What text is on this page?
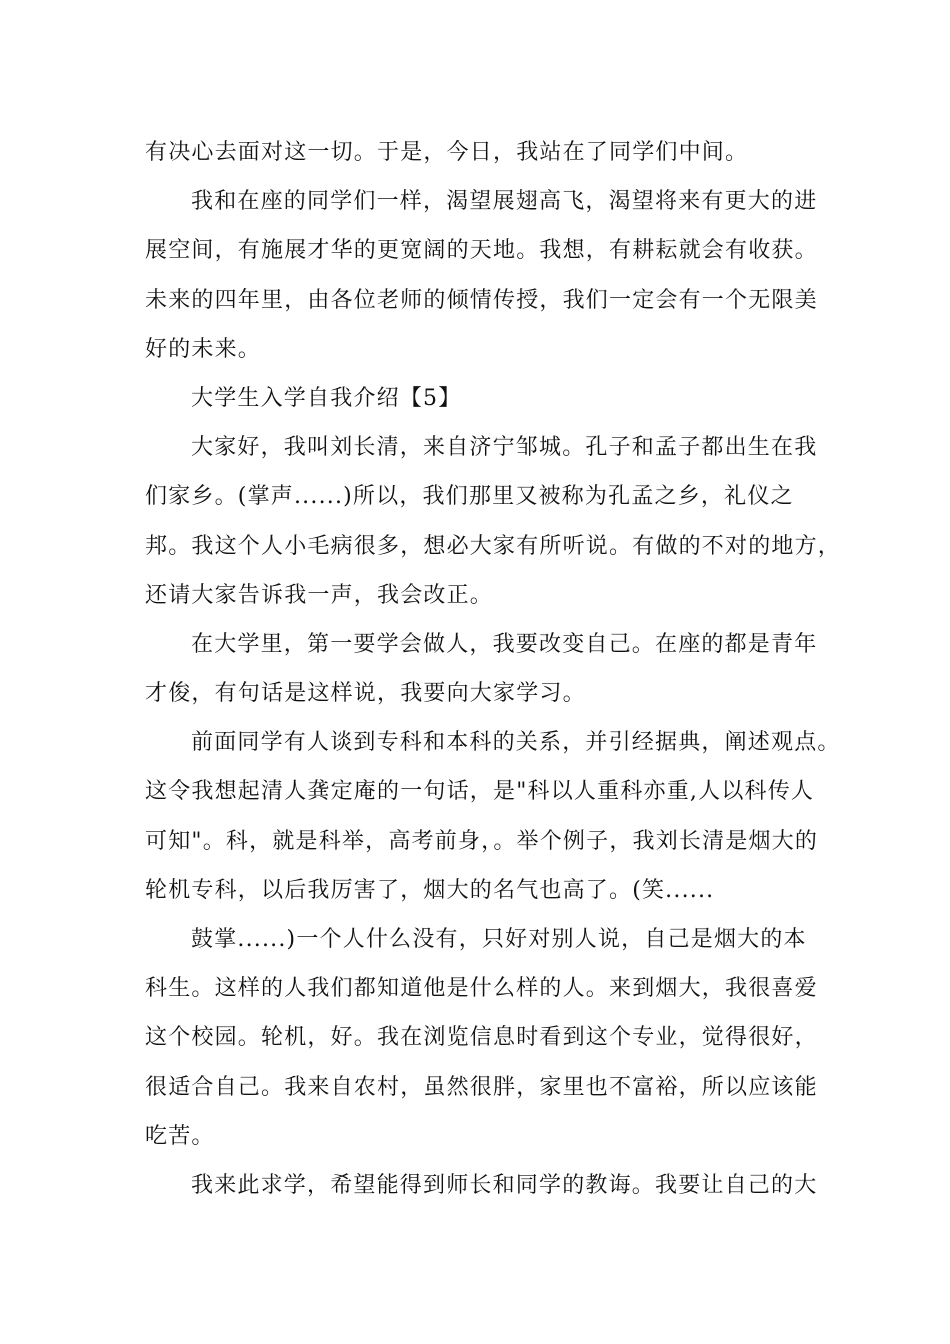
有决心去面对这一切。于是，今日，我站在了同学们中间。
我和在座的同学们一样，渴望展翅高飞，渴望将来有更大的进
展空间，有施展才华的更宽阔的天地。我想，有耕耘就会有收获。
未来的四年里，由各位老师的倾情传授，我们一定会有一个无限美
好的未来。
大学生入学自我介绍【5】
大家好，我叫刘长清，来自济宁邹城。孔子和孟子都出生在我
们家乡。(掌声......)所以，我们那里又被称为孔孟之乡，礼仪之
邦。我这个人小毛病很多，想必大家有所听说。有做的不对的地方，
还请大家告诉我一声，我会改正。
在大学里，第一要学会做人，我要改变自己。在座的都是青年
才俊，有句话是这样说，我要向大家学习。
前面同学有人谈到专科和本科的关系，并引经据典，阐述观点。
这令我想起清人龚定庵的一句话，是"科以人重科亦重,人以科传人
可知"。科，就是科举，高考前身，。举个例子，我刘长清是烟大的
轮机专科，以后我厉害了，烟大的名气也高了。(笑......
鼓掌......)一个人什么没有，只好对别人说，自己是烟大的本
科生。这样的人我们都知道他是什么样的人。来到烟大，我很喜爱
这个校园。轮机，好。我在浏览信息时看到这个专业，觉得很好，
很适合自己。我来自农村，虽然很胖，家里也不富裕，所以应该能
吃苦。
我来此求学，希望能得到师长和同学的教诲。我要让自己的大
